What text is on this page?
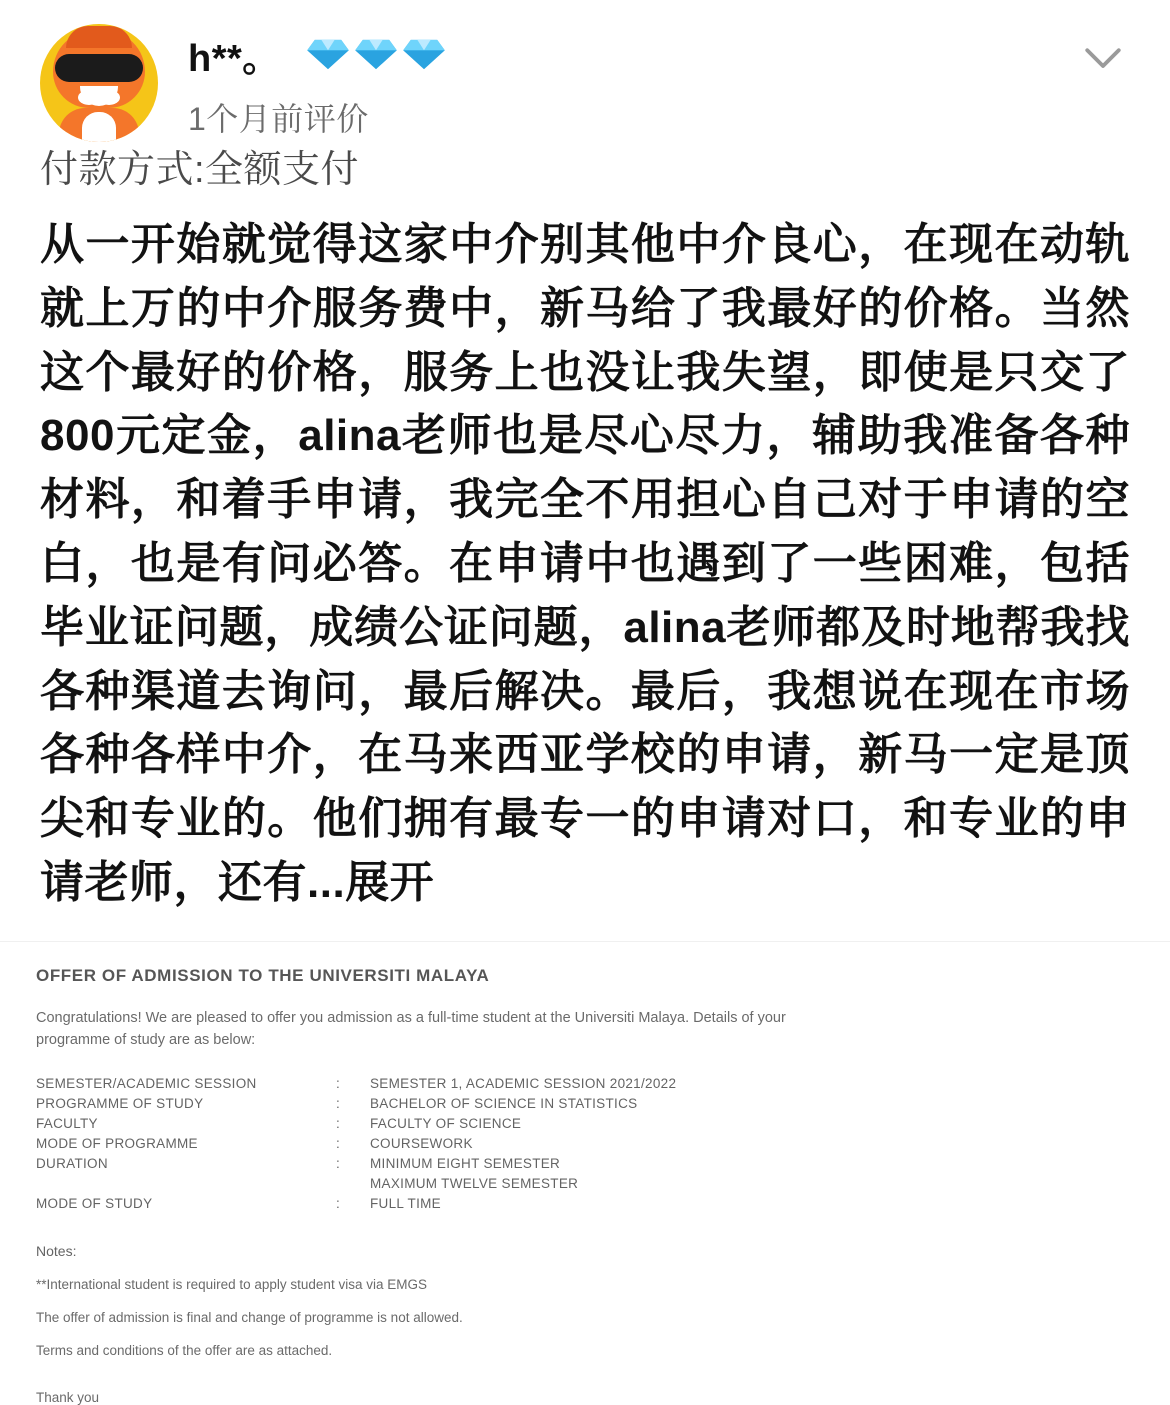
h**。
1个月前评价
付款方式:全额支付
从一开始就觉得这家中介别其他中介良心，在现在动轨就上万的中介服务费中，新马给了我最好的价格。当然这个最好的价格，服务上也没让我失望，即使是只交了800元定金，alina老师也是尽心尽力，辅助我准备各种材料，和着手申请，我完全不用担心自己对于申请的空白，也是有问必答。在申请中也遇到了一些困难，包括毕业证问题，成绩公证问题，alina老师都及时地帮我找各种渠道去询问，最后解决。最后，我想说在现在市场各种各样中介，在马来西亚学校的申请，新马一定是顶尖和专业的。他们拥有最专一的申请对口，和专业的申请老师，还有...展开
OFFER OF ADMISSION TO THE UNIVERSITI MALAYA
Congratulations! We are pleased to offer you admission as a full-time student at the Universiti Malaya. Details of your programme of study are as below:
SEMESTER/ACADEMIC SESSION	:	SEMESTER 1, ACADEMIC SESSION 2021/2022
PROGRAMME OF STUDY	:	BACHELOR OF SCIENCE IN STATISTICS
FACULTY	:	FACULTY OF SCIENCE
MODE OF PROGRAMME	:	COURSEWORK
DURATION	:	MINIMUM EIGHT SEMESTER
		MAXIMUM TWELVE SEMESTER
MODE OF STUDY	:	FULL TIME
Notes:
**International student is required to apply student visa via EMGS
The offer of admission is final and change of programme is not allowed.
Terms and conditions of the offer are as attached.
Thank you
